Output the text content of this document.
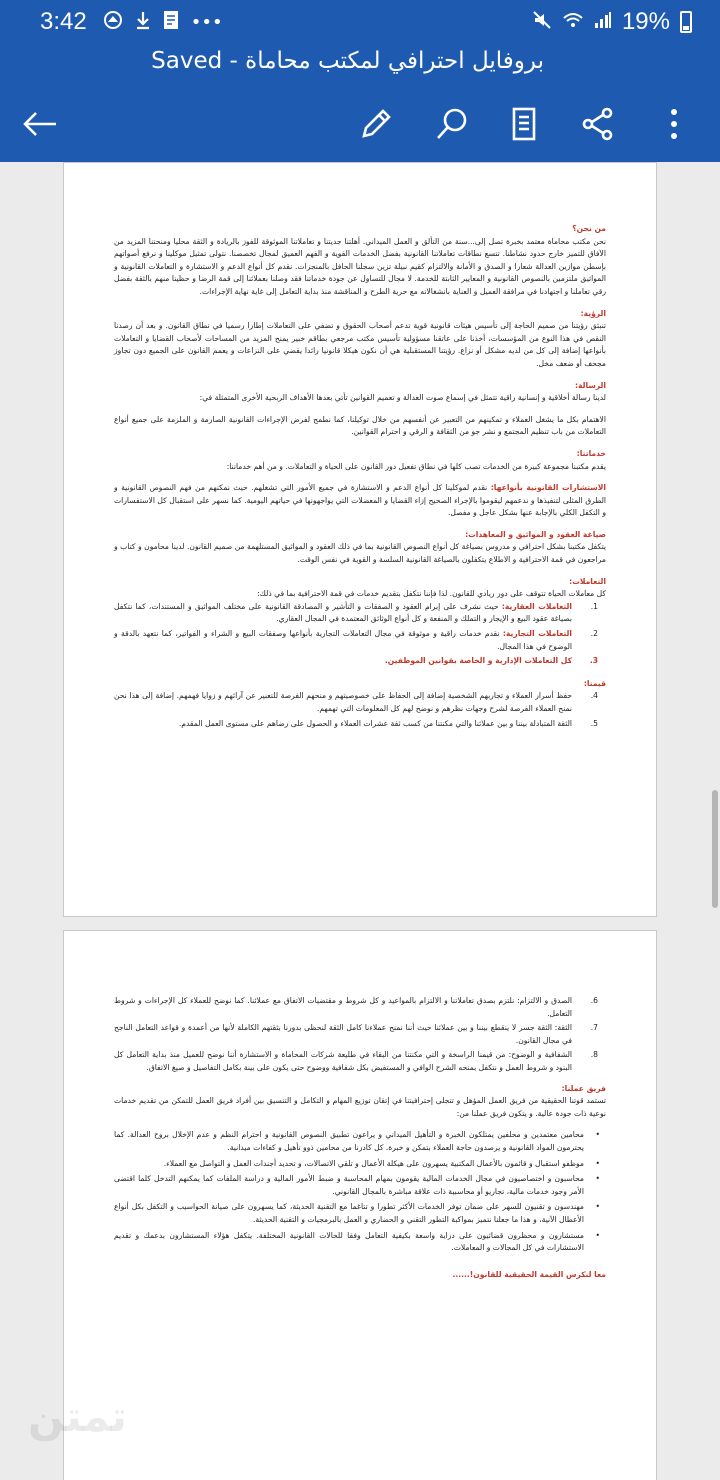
3:42	•••	19%
بروفايل احترافي لمكتب محاماة - Saved
من نحن؟
نحن مكتب محاماة معتمد بخبرة تصل إلى...سنة من التألق و العمل الميداني. أهلتنا جديتنا و تعاملاتنا الموثوقة للفوز بالريادة و الثقة محليا ومنحتنا المزيد من الآفاق للتميز خارج حدود نشاطنا. تتسع نطاقات تعاملاتنا القانونية بفضل الخدمات القوية و الفهم العميق لمجال تخصصنا. نتولى تمثيل موكلينا و نرفع أصواتهم بإسطن موازين العدالة شعارا و الصدق و الأمانة والالتزام كقيم نبيلة تزين سجلنا الحافل بالمنجزات. نقدم كل أنواع الدعم و الاستشارة و التعاملات القانونية و المواثيق ملتزمين بالنصوص القانونية و المعايير الثابتة للخدمة. لا مجال للتساول عن جودة خدماتنا فقد وصلنا بعملائنا إلى قمة الرضا و حظينا منهم بالثقة بفضل رقي تعاملنا و اجتهادنا في مرافقة العميل و العناية بانشغالاته مع حرية الطرح و المناقشة منذ بداية التعامل إلى غاية نهاية الإجراءات.
الرؤية:
تنبثق رؤيتنا من صميم الحاجة إلى تأسيس هيئات قانونية قوية تدعم أصحاب الحقوق و تضفي على التعاملات إطارا رسميا في نطاق القانون. و بعد أن رصدنا النقص في هذا النوع من المؤسسات، أخذنا على عاتقنا مسؤولية تأسيس مكتب مرجعي بطاقم خبير يمنح المزيد من المساحات لأصحاب القضايا و التعاملات بأنواعها إضافة إلى كل من لديه مشكل أو نزاع. رؤيتنا المستقبلية هي أن نكون هيكلا قانونيا رائدا يقضي على النزاعات و يعمم القانون على الجميع دون تجاوز مجحف أو ضعف مخل.
الرسالة:
لدينا رسالة أخلاقية و إنسانية راقية تتمثل في إسماع صوت العدالة و تعميم القوانين تأتي بعدها الأهداف الربحية الأخرى المتمثلة في:
الاهتمام بكل ما يشغل العملاء و تمكينهم من التعبير عن أنفسهم من خلال توكيلنا، كما نطمح لفرض الإجراءات القانونية الصارمة و الملزمة على جميع أنواع التعاملات من باب تنظيم المجتمع و نشر جو من الثقافة و الرقي و احترام القوانين.
خدماتنا:
يقدم مكتبنا مجموعة كبيرة من الخدمات تصب كلها في نطاق تفعيل دور القانون على الحياة و التعاملات. و من أهم خدماتنا:
الاستشارات القانونية بأنواعها: نقدم لموكلينا كل أنواع الدعم و الاستشارة في جميع الأمور التي تشغلهم. حيث نمكنهم من فهم النصوص القانونية و الطرق المثلى لتنفيذها و ندعمهم ليقوموا بالإجراء الصحيح إزاء القضايا و المعضلات التي يواجهونها في حياتهم اليومية. كما نسهر على استقبال كل الاستفسارات و التكفل الكلي بالإجابة عنها بشكل عاجل و مفصل.
صياغة العقود و المواثيق و المعاهدات:
يتكفل مكتبنا بشكل احترافي و مدروس بصياغة كل أنواع النصوص القانونية بما في ذلك العقود و المواثيق المستلهمة من صميم القانون. لدينا محامون و كتاب و مراجعون في قمة الاحترافية و الاطلاع يتكفلون بالصياغة القانونية السلسة و القوية في نفس الوقت.
التعاملات:
كل معاملات الحياة تتوقف على دور ريادي للقانون. لذا فإننا نتكفل بتقديم خدمات في قمة الاحترافية بما في ذلك:
1.
التعاملات العقارية: حيث نشرف على إبرام العقود و الصفقات و التأشير و المصادقة القانونية على مختلف المواثيق و المستندات، كما نتكفل بصياغة عقود البيع و الإيجار و التملك و المنفعة و كل أنواع الوثائق المعتمدة في المجال العقاري.
2.
التعاملات التجارية: نقدم خدمات راقية و موثوقة في مجال التعاملات التجارية بأنواعها وصفقات البيع و الشراء و الفواتير، كما نتعهد بالدقة و الوضوح في هذا المجال.
3.
كل التعاملات الإدارية و الخاصة بقوانين الموظفين.
قيمنا:
4.
حفظ أسرار العملاء و تجاربهم الشخصية إضافة إلى الحفاظ على خصوصيتهم و منحهم الفرصة للتعبير عن آرائهم و زوايا فهمهم. إضافة إلى هذا نحن نمنح العملاء الفرصة لشرح وجهات نظرهم و نوضح لهم كل المعلومات التي تهمهم.
5.
الثقة المتبادلة بيننا و بين عملائنا والتي مكنتنا من كسب ثقة عشرات العملاء و الحصول على رضاهم على مستوى العمل المقدم.
6.
الصدق و الالتزام: نلتزم بصدق تعاملاتنا و الالتزام بالمواعيد و كل شروط و مقتضيات الاتفاق مع عملائنا. كما نوضح للعملاء كل الإجراءات و شروط التعامل.
7.
الثقة: الثقة جسر لا ينقطع بيننا و بين عملائنا حيث أننا نمنح عملاءنا كامل الثقة لنحظى بدورنا بثقتهم الكاملة لأنها من أعمدة و قواعد التعامل الناجح في مجال القانون.
8.
الشفافية و الوضوح: من قيمنا الراسخة و التي مكنتنا من البقاء في طليعة شركات المحاماة و الاستشارة أننا نوضح للعميل منذ بداية التعامل كل البنود و شروط العمل و نتكفل بمنحه الشرح الوافي و المستفيض بكل شفافية ووضوح حتى يكون على بينة بكامل التفاصيل و صيغ الاتفاق.
فريق عملنا:
تستمد قوتنا الحقيقية من فريق العمل المؤهل و تتجلى إحترافيتنا في إتقان توزيع المهام و التكامل و التنسيق بين أفراد فريق العمل للتمكن من تقديم خدمات نوعية ذات جودة عالية. و يتكون فريق عملنا من:
• محامين معتمدين و محلفين يمتلكون الخبرة و التأهيل الميداني و يراعون تطبيق النصوص القانونية و احترام النظم و عدم الإخلال بروح العدالة. كما يحترمون المواد القانونية و يرصدون حاجة العملاء بتمكن و خبرة. كل كادرنا من محامين ذوو تأهيل و كفاءات ميدانية.
• موظفو استقبال و قائمون بالأعمال المكتبية يسهرون على هيكلة الأعمال و تلقي الاتصالات، و تحديد أجندات العمل و التواصل مع العملاء.
• محاسبون و اختصاصيون في مجال الخدمات المالية يقومون بمهام المحاسبة و ضبط الأمور المالية و دراسة الملفات كما يمكنهم التدخل كلما اقتضى الأمر وجود خدمات مالية، تجاريو أو محاسبية ذات علاقة مباشرة بالمجال القانوني.
• مهندسون و تقنيون للسهر على ضمان توفر الخدمات الأكثر تطورا و تتاغما مع التقنية الحديثة، كما يسهرون على صيانة الحواسيب و التكفل بكل أنواع الأعطال الآنية، و هذا ما جعلنا نتميز بمواكبة التطور التقني و الحضاري و العمل بالبرمجيات و التقنية الحديثة.
• مستشارون و محظرون قضائيون على دراية واسعة بكيفية التعامل وفقا للحالات القانونية المختلفة. يتكفل هؤلاء المستشارون بدعمك و تقديم الاستشارات في كل المجالات و المعاملات.
معا لنكرس القيمة الحقيقية للقانون!......
تمتن
